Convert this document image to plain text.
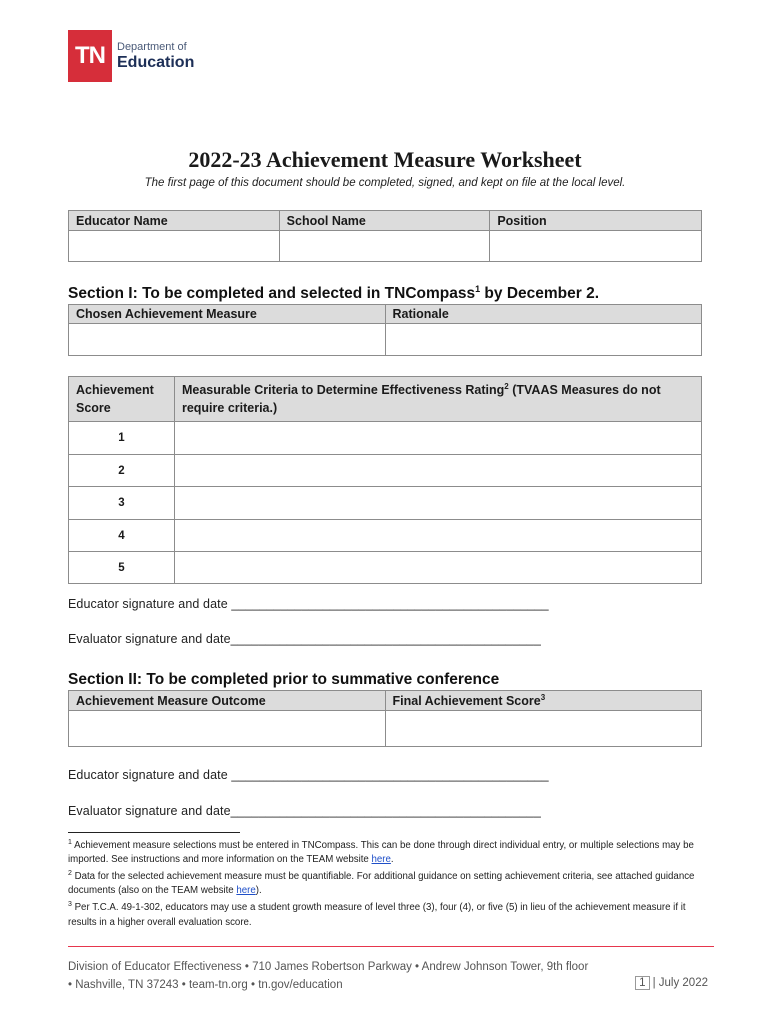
TN	Department of
Education
2022-23 Achievement Measure Worksheet
The first page of this document should be completed, signed, and kept on file at the local level.
Educator Name	School Name	Position

Section I: To be completed and selected in TNCompass$^1$ by December 2.
Chosen Achievement Measure	Rationale

Achievement Score	Measurable Criteria to Determine Effectiveness Rating$^2$ (TVAAS Measures do not require criteria.)
1	
2	
3	
4	
5	
Educator signature and date _____________________________________________
Evaluator signature and date____________________________________________
Section II: To be completed prior to summative conference
Achievement Measure Outcome	Final Achievement Score$^3$

Educator signature and date _____________________________________________
Evaluator signature and date____________________________________________
$^1$ Achievement measure selections must be entered in TNCompass. This can be done through direct individual entry, or multiple selections may be imported. See instructions and more information on the TEAM website here.
$^2$ Data for the selected achievement measure must be quantifiable. For additional guidance on setting achievement criteria, see attached guidance documents (also on the TEAM website here).
$^3$ Per T.C.A. 49-1-302, educators may use a student growth measure of level three (3), four (4), or five (5) in lieu of the achievement measure if it results in a higher overall evaluation score.
Division of Educator Effectiveness • 710 James Robertson Parkway • Andrew Johnson Tower, 9th floor
• Nashville, TN 37243 • team-tn.org • tn.gov/education	1 | July 2022
